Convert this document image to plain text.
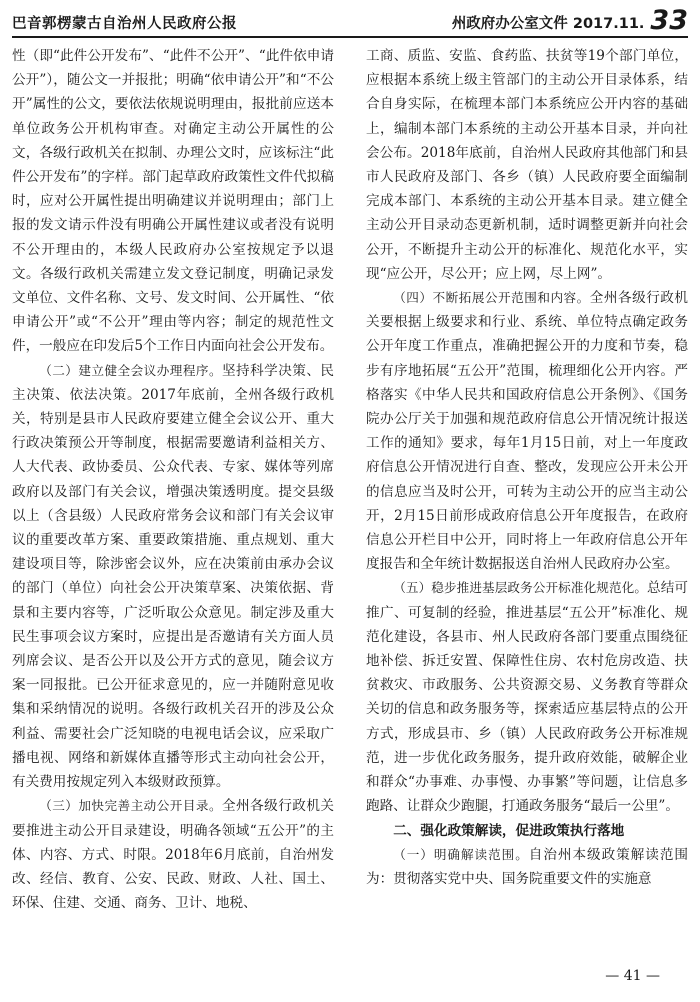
巴音郭楞蒙古自治州人民政府公报	州政府办公室文件 2017.11. 33

性（即“此件公开发布”、“此件不公开”、“此件依申请公开”），随公文一并报批；明确“依申请公开”和“不公开”属性的公文，要依法依规说明理由，报批前应送本单位政务公开机构审查。对确定主动公开属性的公文，各级行政机关在拟制、办理公文时，应该标注“此件公开发布”的字样。部门起草政府政策性文件代拟稿时，应对公开属性提出明确建议并说明理由；部门上报的发文请示件没有明确公开属性建议或者没有说明不公开理由的，本级人民政府办公室按规定予以退文。各级行政机关需建立发文登记制度，明确记录发文单位、文件名称、文号、发文时间、公开属性、“依申请公开”或“不公开”理由等内容；制定的规范性文件，一般应在印发后5个工作日内面向社会公开发布。

（二）建立健全会议办理程序。坚持科学决策、民主决策、依法决策。2017年底前，全州各级行政机关，特别是县市人民政府要建立健全会议公开、重大行政决策预公开等制度，根据需要邀请利益相关方、人大代表、政协委员、公众代表、专家、媒体等列席政府以及部门有关会议，增强决策透明度。提交县级以上（含县级）人民政府常务会议和部门有关会议审议的重要改革方案、重要政策措施、重点规划、重大建设项目等，除涉密会议外，应在决策前由承办会议的部门（单位）向社会公开决策草案、决策依据、背景和主要内容等，广泛听取公众意见。制定涉及重大民生事项会议方案时，应提出是否邀请有关方面人员列席会议、是否公开以及公开方式的意见，随会议方案一同报批。已公开征求意见的，应一并随附意见收集和采纳情况的说明。各级行政机关召开的涉及公众利益、需要社会广泛知晓的电视电话会议，应采取广播电视、网络和新媒体直播等形式主动向社会公开，有关费用按规定列入本级财政预算。

（三）加快完善主动公开目录。全州各级行政机关要推进主动公开目录建设，明确各领域“五公开”的主体、内容、方式、时限。2018年6月底前，自治州发改、经信、教育、公安、民政、财政、人社、国土、环保、住建、交通、商务、卫计、地税、

工商、质监、安监、食药监、扶贫等19个部门单位，应根据本系统上级主管部门的主动公开目录体系，结合自身实际，在梳理本部门本系统应公开内容的基础上，编制本部门本系统的主动公开基本目录，并向社会公布。2018年底前，自治州人民政府其他部门和县市人民政府及部门、各乡（镇）人民政府要全面编制完成本部门、本系统的主动公开基本目录。建立健全主动公开目录动态更新机制，适时调整更新并向社会公开，不断提升主动公开的标准化、规范化水平，实现“应公开，尽公开；应上网，尽上网”。

（四）不断拓展公开范围和内容。全州各级行政机关要根据上级要求和行业、系统、单位特点确定政务公开年度工作重点，准确把握公开的力度和节奏，稳步有序地拓展“五公开”范围，梳理细化公开内容。严格落实《中华人民共和国政府信息公开条例》、《国务院办公厅关于加强和规范政府信息公开情况统计报送工作的通知》要求，每年1月15日前，对上一年度政府信息公开情况进行自查、整改，发现应公开未公开的信息应当及时公开，可转为主动公开的应当主动公开，2月15日前形成政府信息公开年度报告，在政府信息公开栏目中公开，同时将上一年政府信息公开年度报告和全年统计数据报送自治州人民政府办公室。

（五）稳步推进基层政务公开标准化规范化。总结可推广、可复制的经验，推进基层“五公开”标准化、规范化建设，各县市、州人民政府各部门要重点围绕征地补偿、拆迁安置、保障性住房、农村危房改造、扶贫救灾、市政服务、公共资源交易、义务教育等群众关切的信息和政务服务等，探索适应基层特点的公开方式，形成县市、乡（镇）人民政府政务公开标准规范，进一步优化政务服务，提升政府效能，破解企业和群众“办事难、办事慢、办事繁”等问题，让信息多跑路、让群众少跑腿，打通政务服务“最后一公里”。

二、强化政策解读，促进政策执行落地

（一）明确解读范围。自治州本级政策解读范围为：贯彻落实党中央、国务院重要文件的实施意

— 41 —
